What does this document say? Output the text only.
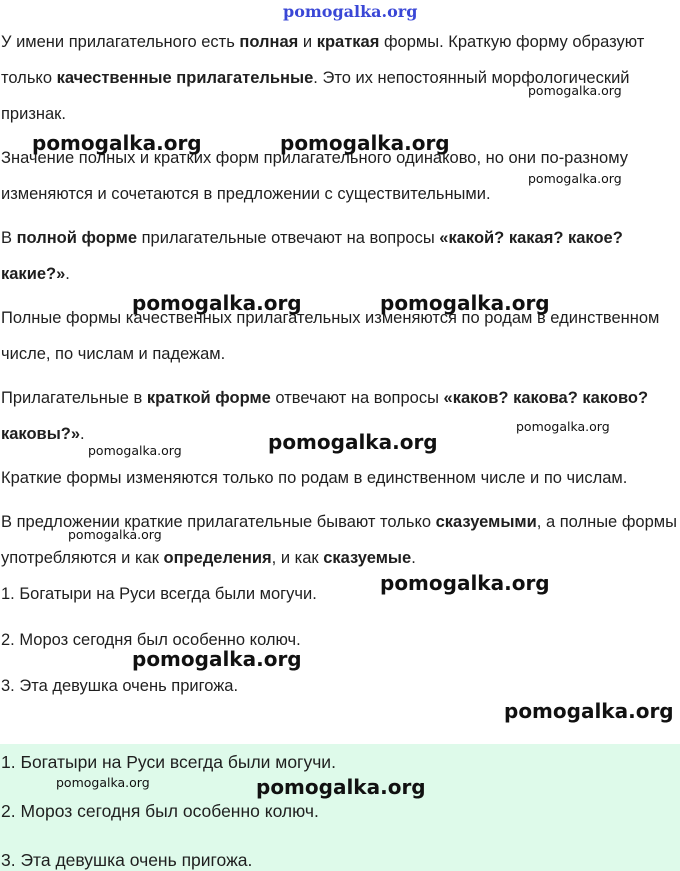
У имени прилагательного есть полная и краткая формы. Краткую форму образуют только качественные прилагательные. Это их непостоянный морфологический признак.

Значение полных и кратких форм прилагательного одинаково, но они по-разному изменяются и сочетаются в предложении с существительными.

В полной форме прилагательные отвечают на вопросы «какой? какая? какое? какие?».

Полные формы качественных прилагательных изменяются по родам в единственном числе, по числам и падежам.

Прилагательные в краткой форме отвечают на вопросы «каков? какова? каково? каковы?».

Краткие формы изменяются только по родам в единственном числе и по числам.

В предложении краткие прилагательные бывают только сказуемыми, а полные формы употребляются и как определения, и как сказуемые.

1. Богатыри на Руси всегда были могучи.

2. Мороз сегодня был особенно колюч.

3. Эта девушка очень пригожа.

1. Богатыри на Руси всегда были могучи.
2. Мороз сегодня был особенно колюч.
3. Эта девушка очень пригожа.
pomogalka.org
pomogalka.org	pomogalka.org
pomogalka.org
pomogalka.org
pomogalka.org	pomogalka.org
pomogalka.org
pomogalka.org
pomogalka.org
pomogalka.org
pomogalka.org
pomogalka.org
pomogalka.org
pomogalka.org	pomogalka.org
